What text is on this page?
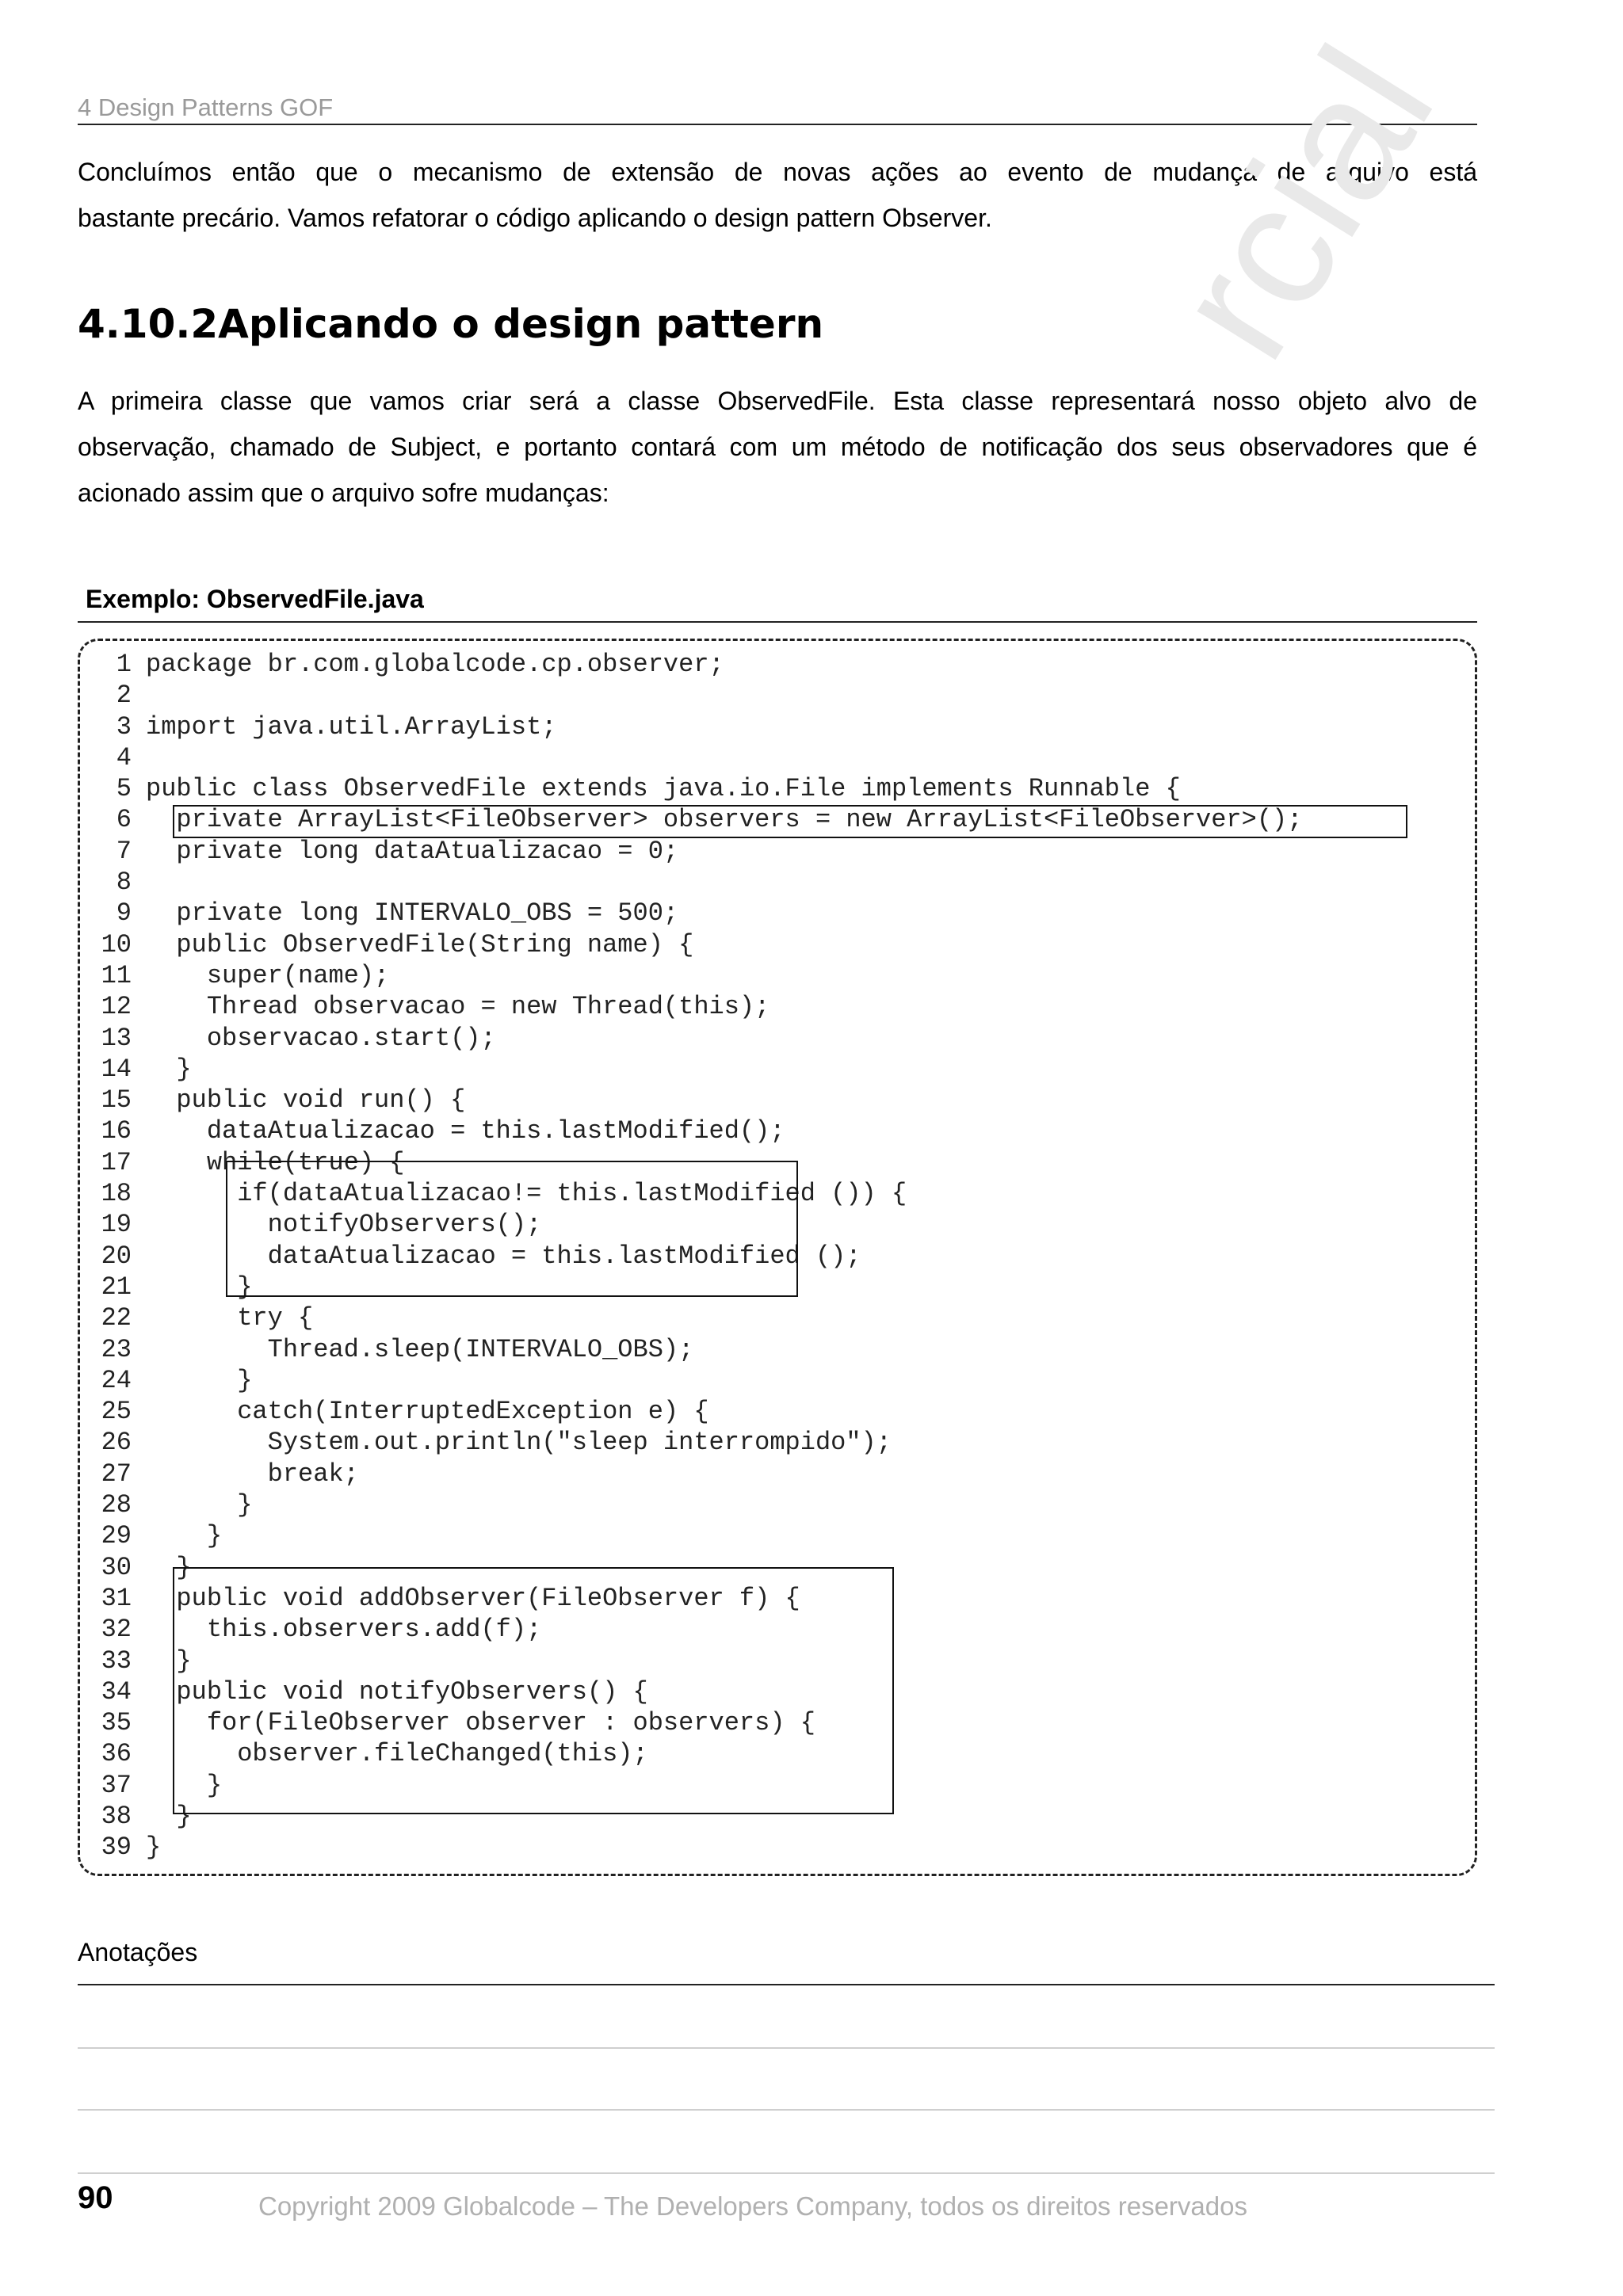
4 Design Patterns GOF
Concluímos então que o mecanismo de extensão de novas ações ao evento de mudança de arquivo está
bastante precário. Vamos refatorar o código aplicando o design pattern Observer.
4.10.2Aplicando o design pattern rcial
A primeira classe que vamos criar será a classe ObservedFile. Esta classe representará nosso objeto alvo de
observação, chamado de Subject, e portanto contará com um método de notificação dos seus observadores que é
acionado assim que o arquivo sofre mudanças:
Exemplo: ObservedFile.java
1 package br.com.globalcode.cp.observer;
2
3 import java.util.ArrayList;
4
5 public class ObservedFile extends java.io.File implements Runnable {
6 private ArrayList<FileObserver> observers = new ArrayList<FileObserver>();
7 private long dataAtualizacao = 0;
8
9 private long INTERVALO_OBS = 500;
10 public ObservedFile(String name) {
11 super(name);
12 Thread observacao = new Thread(this);
13 observacao.start();
14 }
15 public void run() {
16 dataAtualizacao = this.lastModified();
17 while(true) {
18 if(dataAtualizacao!= this.lastModified ()) {
19 notifyObservers();
20 dataAtualizacao = this.lastModified ();
21 }
22 try {
23 Thread.sleep(INTERVALO_OBS);
24 }
25 catch(InterruptedException e) {
26 System.out.println("sleep interrompido");
27 break;
28 }
29 }
30 }
31 public void addObserver(FileObserver f) {
32 this.observers.add(f);
33 }
34 public void notifyObservers() {
35 for(FileObserver observer : observers) {
36 observer.fileChanged(this);
37 }
38 }
39 }
Anotações
90	Copyright 2009 Globalcode – The Developers Company, todos os direitos reservados
